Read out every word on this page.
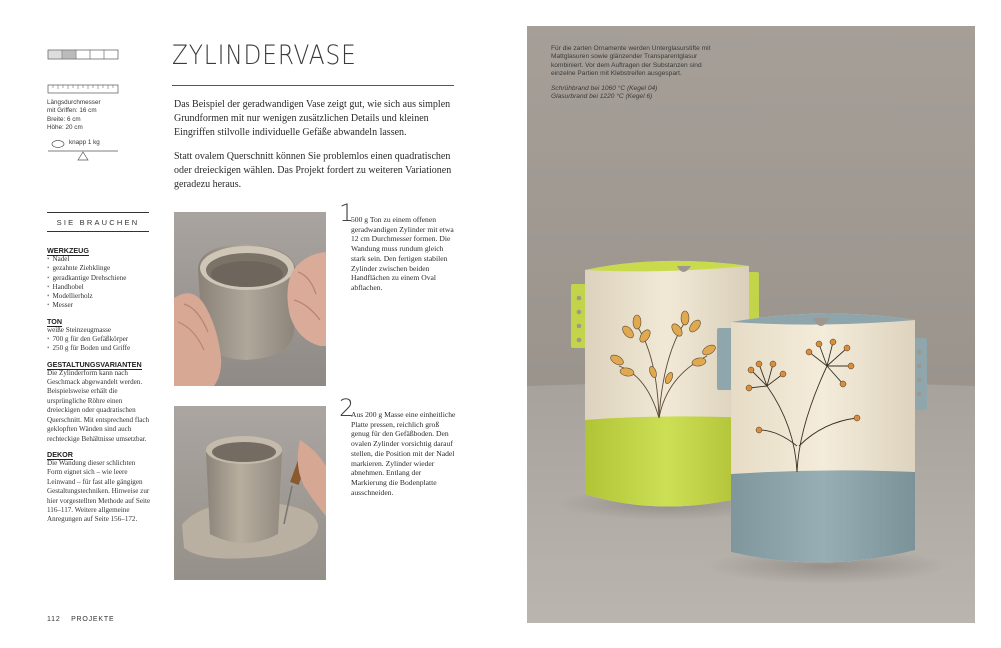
Längsdurchmesser
mit Griffen: 16 cm
Breite: 6 cm
Höhe: 20 cm
knapp 1 kg
SIE BRAUCHEN
WERKZEUG
• Nadel
• gezahnte Ziehklinge
• geradkantige Drehschiene
• Handhobel
• Modellierholz
• Messer
TON
weiße Steinzeugmasse
• 700 g für den Gefäßkörper
• 250 g für Boden und Griffe
GESTALTUNGSVARIANTEN
Die Zylinderform kann nach Geschmack abgewandelt werden. Beispielsweise erhält die ursprüngliche Röhre einen dreieckigen oder quadratischen Querschnitt. Mit entsprechend flach geklopften Wänden sind auch rechteckige Behältnisse umsetzbar.
DEKOR
Die Wandung dieser schlichten Form eignet sich – wie leere Leinwand – für fast alle gängigen Gestaltungstechniken. Hinweise zur hier vorgestellten Methode auf Seite 116–117. Weitere allgemeine Anregungen auf Seite 156–172.
112 PROJEKTE
ZYLINDERVASE

Das Beispiel der geradwandigen Vase zeigt gut, wie sich aus simplen Grundformen mit nur wenigen zusätzlichen Details und kleinen Eingriffen stilvolle individuelle Gefäße abwandeln lassen.

Statt ovalem Querschnitt können Sie problemlos einen quadratischen oder dreieckigen wählen. Das Projekt fordert zu weiteren Variationen geradezu heraus.

1
500 g Ton zu einem offenen geradwandigen Zylinder mit etwa 12 cm Durchmesser formen. Die Wandung muss rundum gleich stark sein. Den fertigen stabilen Zylinder zwischen beiden Handflächen zu einem Oval abflachen.
2
Aus 200 g Masse eine einheitliche Platte pressen, reichlich groß genug für den Gefäßboden. Den ovalen Zylinder vorsichtig darauf stellen, die Position mit der Nadel markieren. Zylinder wieder abnehmen. Entlang der Markierung die Bodenplatte ausschneiden.
Für die zarten Ornamente werden Unterglasurstifte mit Mattglasuren sowie glänzender Transparentglasur kombiniert. Vor dem Auftragen der Substanzen sind einzelne Partien mit Klebstreifen ausgespart.
Schrühbrand bei 1060 °C (Kegel 04)
Glasurbrand bei 1220 °C (Kegel 6)
